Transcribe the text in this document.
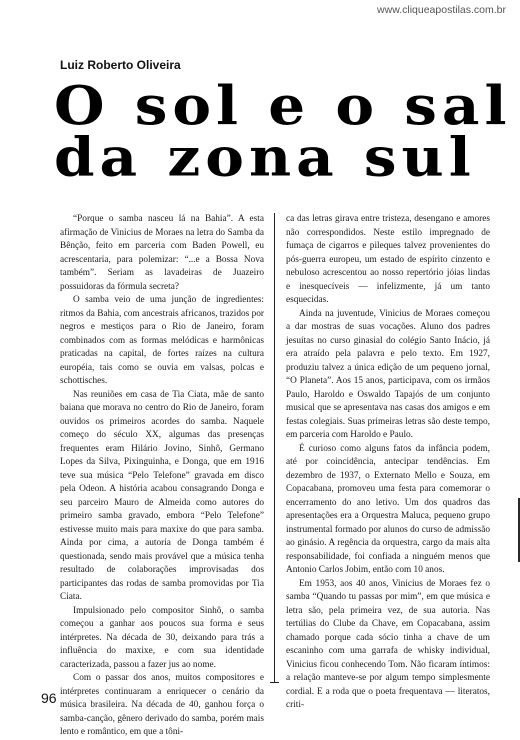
www.cliqueapostilas.com.br
Luiz Roberto Oliveira
O sol e o sal
da zona sul

“Porque o samba nasceu lá na Bahia”. A esta afirmação de Vinicius de Moraes na letra do Samba da Bênção, feito em parceria com Baden Powell, eu acrescentaria, para polemizar: “...e a Bossa Nova também”. Seriam as lavadeiras de Juazeiro possuidoras da fórmula secreta?

O samba veio de uma junção de ingredientes: ritmos da Bahia, com ancestrais africanos, trazidos por negros e mestiços para o Rio de Janeiro, foram combinados com as formas melódicas e harmônicas praticadas na capital, de fortes raízes na cultura européia, tais como se ouvia em valsas, polcas e schottisches.

Nas reuniões em casa de Tia Ciata, mãe de santo baiana que morava no centro do Rio de Janeiro, foram ouvidos os primeiros acordes do samba. Naquele começo do século XX, algumas das presenças frequentes eram Hilário Jovino, Sinhô, Germano Lopes da Silva, Pixinguinha, e Donga, que em 1916 teve sua música “Pelo Telefone” gravada em disco pela Odeon. A história acabou consagrando Donga e seu parceiro Mauro de Almeida como autores do primeiro samba gravado, embora “Pelo Telefone” estivesse muito mais para maxixe do que para samba. Ainda por cima, a autoria de Donga também é questionada, sendo mais provável que a música tenha resultado de colaborações improvisadas dos participantes das rodas de samba promovidas por Tia Ciata.

Impulsionado pelo compositor Sinhô, o samba começou a ganhar aos poucos sua forma e seus intérpretes. Na década de 30, deixando para trás a influência do maxixe, e com sua identidade caracterizada, passou a fazer jus ao nome.

Com o passar dos anos, muitos compositores e intérpretes continuaram a enriquecer o cenário da música brasileira. Na década de 40, ganhou força o samba-canção, gênero derivado do samba, porém mais lento e romântico, em que a tôni-

ca das letras girava entre tristeza, desengano e amores não correspondidos. Neste estilo impregnado de fumaça de cigarros e pileques talvez provenientes do pós-guerra europeu, um estado de espírito cinzento e nebuloso acrescentou ao nosso repertório jóias lindas e inesquecíveis — infelizmente, já um tanto esquecidas.

Ainda na juventude, Vinicius de Moraes começou a dar mostras de suas vocações. Aluno dos padres jesuítas no curso ginasial do colégio Santo Inácio, já era atraído pela palavra e pelo texto. Em 1927, produziu talvez a única edição de um pequeno jornal, “O Planeta”. Aos 15 anos, participava, com os irmãos Paulo, Haroldo e Oswaldo Tapajós de um conjunto musical que se apresentava nas casas dos amigos e em festas colegiais. Suas primeiras letras são deste tempo, em parceria com Haroldo e Paulo.

É curioso como alguns fatos da infância podem, até por coincidência, antecipar tendências. Em dezembro de 1937, o Externato Mello e Souza, em Copacabana, promoveu uma festa para comemorar o encerramento do ano letivo. Um dos quadros das apresentações era a Orquestra Maluca, pequeno grupo instrumental formado por alunos do curso de admissão ao ginásio. A regência da orquestra, cargo da mais alta responsabilidade, foi confiada a ninguém menos que Antonio Carlos Jobim, então com 10 anos.

Em 1953, aos 40 anos, Vinicius de Moraes fez o samba “Quando tu passas por mim”, em que música e letra são, pela primeira vez, de sua autoria. Nas tertúlias do Clube da Chave, em Copacabana, assim chamado porque cada sócio tinha a chave de um escaninho com uma garrafa de whisky individual, Vinicius ficou conhecendo Tom. Não ficaram íntimos: a relação manteve-se por algum tempo simplesmente cordial. E a roda que o poeta frequentava — literatos, criti-

96
